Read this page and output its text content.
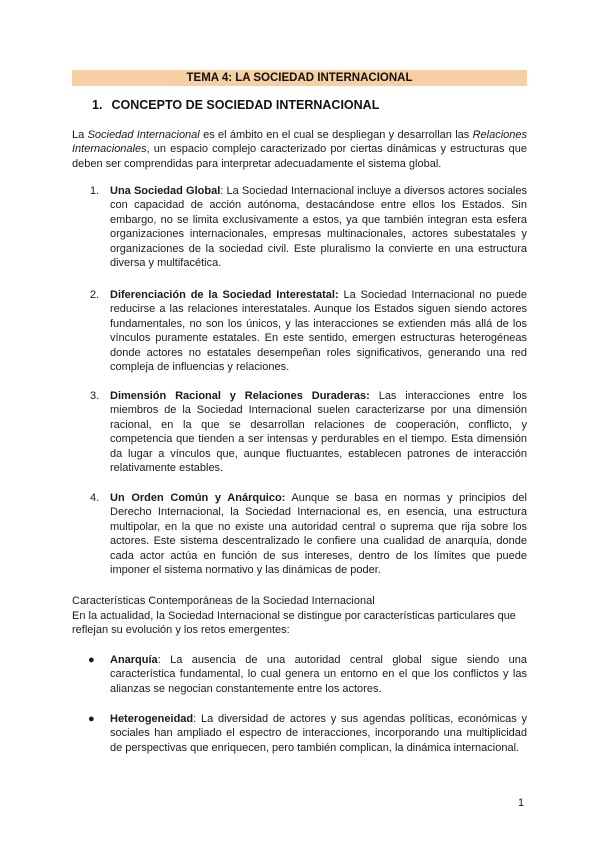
TEMA 4: LA SOCIEDAD INTERNACIONAL
1. CONCEPTO DE SOCIEDAD INTERNACIONAL
La Sociedad Internacional es el ámbito en el cual se despliegan y desarrollan las Relaciones Internacionales, un espacio complejo caracterizado por ciertas dinámicas y estructuras que deben ser comprendidas para interpretar adecuadamente el sistema global.
1. Una Sociedad Global: La Sociedad Internacional incluye a diversos actores sociales con capacidad de acción autónoma, destacándose entre ellos los Estados. Sin embargo, no se limita exclusivamente a estos, ya que también integran esta esfera organizaciones internacionales, empresas multinacionales, actores subestatales y organizaciones de la sociedad civil. Este pluralismo la convierte en una estructura diversa y multifacética.
2. Diferenciación de la Sociedad Interestatal: La Sociedad Internacional no puede reducirse a las relaciones interestatales. Aunque los Estados siguen siendo actores fundamentales, no son los únicos, y las interacciones se extienden más allá de los vínculos puramente estatales. En este sentido, emergen estructuras heterogéneas donde actores no estatales desempeñan roles significativos, generando una red compleja de influencias y relaciones.
3. Dimensión Racional y Relaciones Duraderas: Las interacciones entre los miembros de la Sociedad Internacional suelen caracterizarse por una dimensión racional, en la que se desarrollan relaciones de cooperación, conflicto, y competencia que tienden a ser intensas y perdurables en el tiempo. Esta dimensión da lugar a vínculos que, aunque fluctuantes, establecen patrones de interacción relativamente estables.
4. Un Orden Común y Anárquico: Aunque se basa en normas y principios del Derecho Internacional, la Sociedad Internacional es, en esencia, una estructura multipolar, en la que no existe una autoridad central o suprema que rija sobre los actores. Este sistema descentralizado le confiere una cualidad de anarquía, donde cada actor actúa en función de sus intereses, dentro de los límites que puede imponer el sistema normativo y las dinámicas de poder.
Características Contemporáneas de la Sociedad Internacional
En la actualidad, la Sociedad Internacional se distingue por características particulares que reflejan su evolución y los retos emergentes:
● Anarquía: La ausencia de una autoridad central global sigue siendo una característica fundamental, lo cual genera un entorno en el que los conflictos y las alianzas se negocian constantemente entre los actores.
● Heterogeneidad: La diversidad de actores y sus agendas políticas, económicas y sociales han ampliado el espectro de interacciones, incorporando una multiplicidad de perspectivas que enriquecen, pero también complican, la dinámica internacional.
1
